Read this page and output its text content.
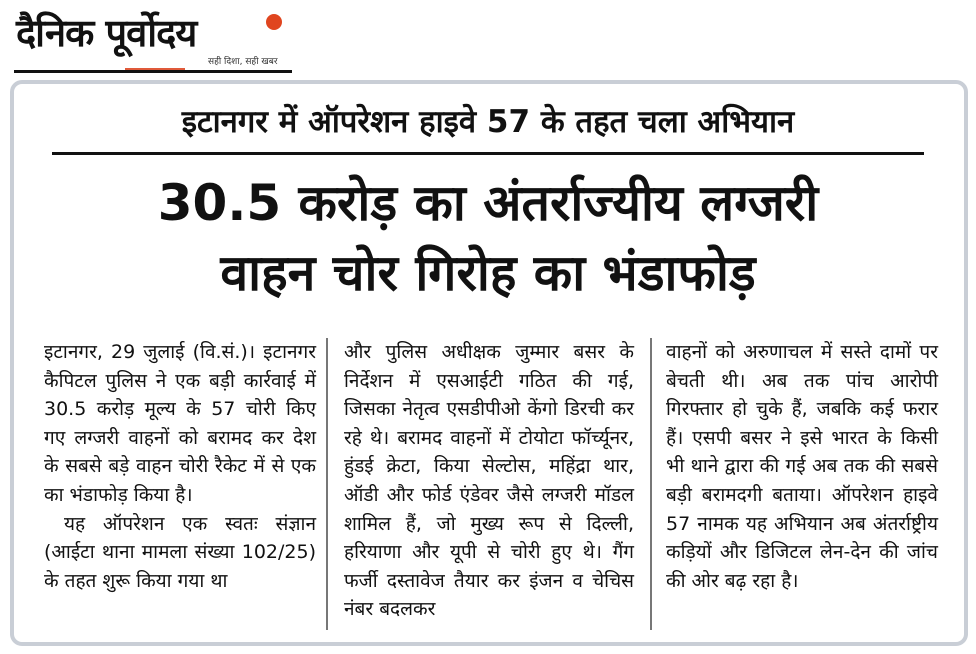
दैनिक पूर्वोदय
सही दिशा, सही खबर
इटानगर में ऑपरेशन हाइवे 57 के तहत चला अभियान
30.5 करोड़ का अंतर्राज्यीय लग्जरी
वाहन चोर गिरोह का भंडाफोड़

इटानगर, 29 जुलाई (वि.सं.)। इटानगर कैपिटल पुलिस ने एक बड़ी कार्रवाई में 30.5 करोड़ मूल्य के 57 चोरी किए गए लग्जरी वाहनों को बरामद कर देश के सबसे बड़े वाहन चोरी रैकेट में से एक का भंडाफोड़ किया है।

यह ऑपरेशन एक स्वतः संज्ञान (आईटा थाना मामला संख्या 102/25) के तहत शुरू किया गया था

और पुलिस अधीक्षक जुम्मार बसर के निर्देशन में एसआईटी गठित की गई, जिसका नेतृत्व एसडीपीओ केंगो डिरची कर रहे थे। बरामद वाहनों में टोयोटा फॉर्च्यूनर, हुंडई क्रेटा, किया सेल्टोस, महिंद्रा थार, ऑडी और फोर्ड एंडेवर जैसे लग्जरी मॉडल शामिल हैं, जो मुख्य रूप से दिल्ली, हरियाणा और यूपी से चोरी हुए थे। गैंग फर्जी दस्तावेज तैयार कर इंजन व चेचिस नंबर बदलकर

वाहनों को अरुणाचल में सस्ते दामों पर बेचती थी। अब तक पांच आरोपी गिरफ्तार हो चुके हैं, जबकि कई फरार हैं। एसपी बसर ने इसे भारत के किसी भी थाने द्वारा की गई अब तक की सबसे बड़ी बरामदगी बताया। ऑपरेशन हाइवे 57 नामक यह अभियान अब अंतर्राष्ट्रीय कड़ियों और डिजिटल लेन-देन की जांच की ओर बढ़ रहा है।
